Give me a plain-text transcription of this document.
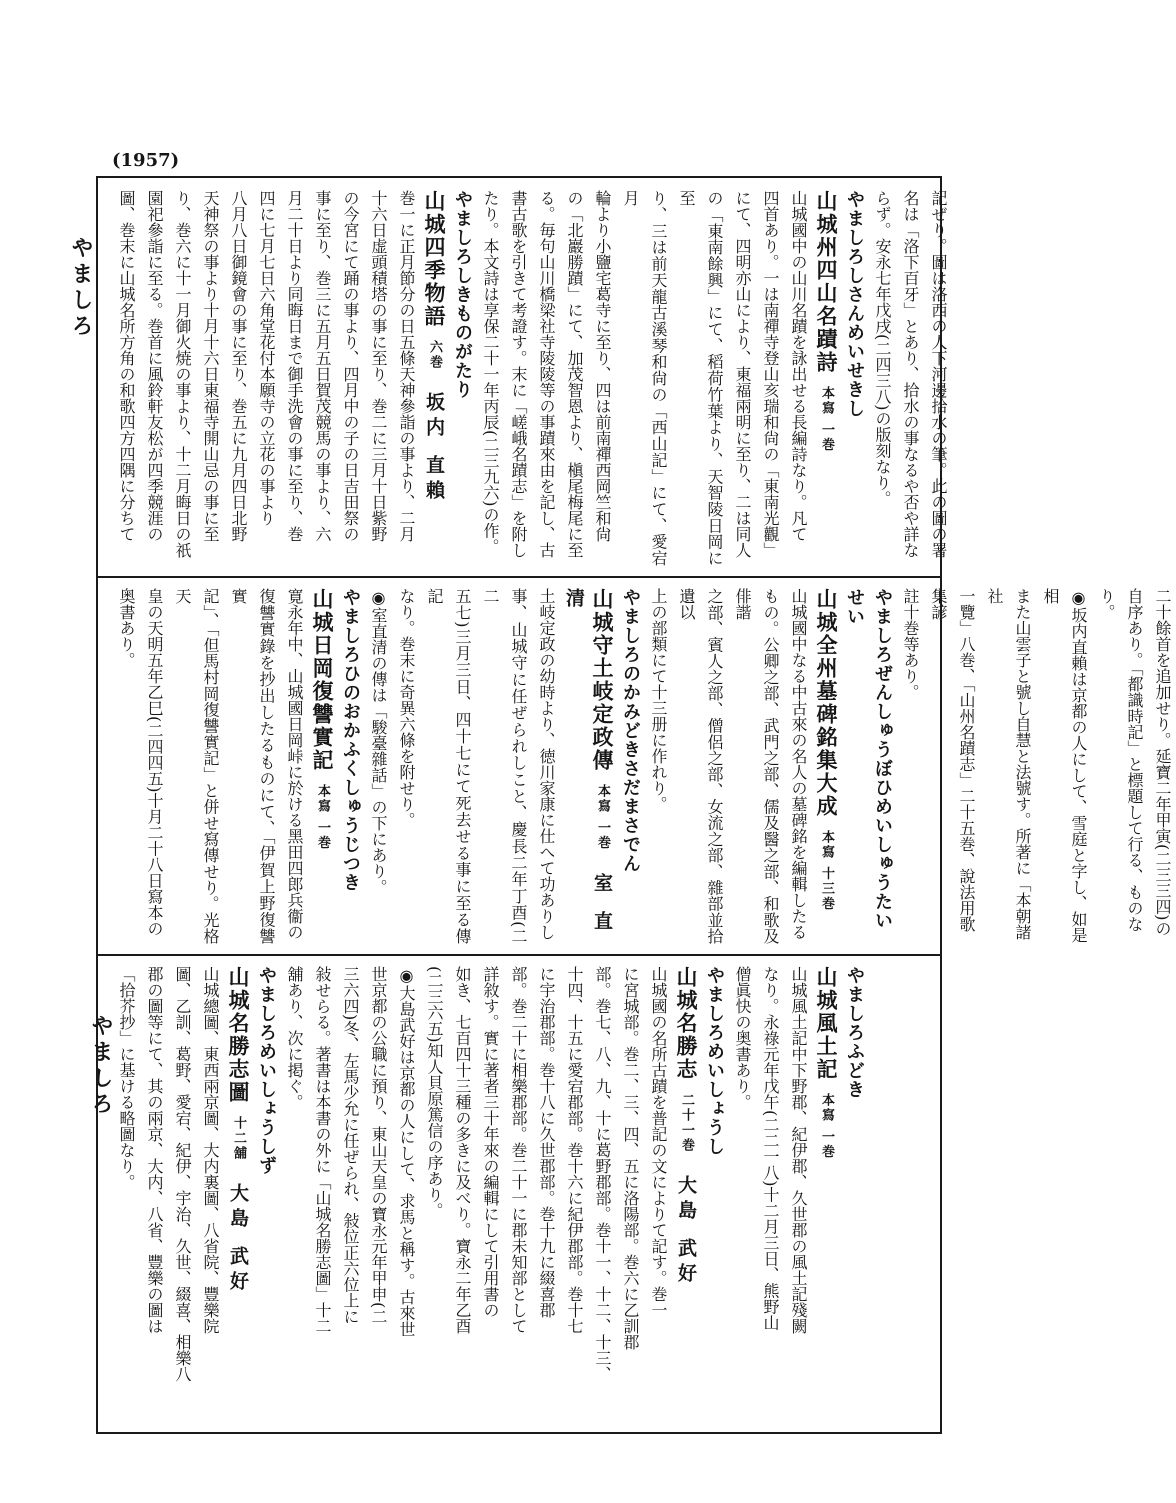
(1957)
やましろ
やましろ

記ぜり。圖は洛西の人下河邊拾水の筆。此の圖の署

名は「洛下百牙」とあり、拾水の事なるや否や詳な

らず。安永七年戊戌(二四三八)の版刻なり。

やましろしさんめいせきし

山城州四山名蹟詩本寫 一巻

山城國中の山川名蹟を詠出せる長編詩なり。凡て

四首あり。一は南禪寺登山亥瑞和尙の「東南光觀」

にて、四明亦山により、東福兩明に至り、二は同人

の「東南餘興」にて、稻荷竹葉より、天智陵日岡に至

り、三は前天龍古溪琴和尙の「西山記」にて、愛宕月

輪より小鹽宅葛寺に至り、四は前南禪西岡竺和尙

の「北巖勝蹟」にて、加茂智恩より、槇尾梅尾に至

る。毎句山川橋梁社寺陵陵等の事蹟來由を記し、古

書古歌を引きて考證す。末に「嵯峨名蹟志」を附し

たり。本文詩は享保二十一年丙辰(二三九六)の作。

やましろしきものがたり

山城四季物語六巻坂内 直賴

巻一に正月節分の日五條天神參詣の事より、二月

十六日虚頭積塔の事に至り、巻二に三月十日紫野

の今宮にて踊の事より、四月中の子の日吉田祭の

事に至り、巻三に五月五日賀茂競馬の事より、六

月二十日より同晦日まで御手洗會の事に至り、巻

四に七月七日六角堂花付本願寺の立花の事より

八月八日御鏡會の事に至り、巻五に九月四日北野

天神祭の事より十月十六日東福寺開山忌の事に至

り、巻六に十一月御火焼の事より、十二月晦日の祇

園祀參詣に至る。巻首に風鈴軒友松が四季競涯の

圖、巻末に山城名所方角の和歌四方四隅に分ちて

二十餘首を追加せり。延寶二年甲寅(二三三四)の

自序あり。「都識時記」と標題して行る、ものなり。

◉坂内直賴は京都の人にして、雪庭と字し、如是相

また山雲子と號し自慧と法號す。所著に「本朝諸社

一覽」八巻、「山州名蹟志」二十五巻、說法用歌集諺

註十巻等あり。

やましろぜんしゅうぼひめいしゅうたいせい

山城全州墓碑銘集大成本寫 十三巻

山城國中なる中古來の名人の墓碑銘を編輯したる

もの。公卿之部、武門之部、儒及醫之部、和歌及俳諧

之部、賓人之部、僧侶之部、女流之部、雜部並拾遺以

上の部類にて十三册に作れり。

やましろのかみどきさだまさでん

山城守土岐定政傳本寫 一巻室 直清

土岐定政の幼時より、徳川家康に仕へて功ありし

事、山城守に任ぜられしこと、慶長二年丁酉(二二

五七)三月三日、四十七にて死去せる事に至る傳記

なり。巻末に奇異六條を附せり。

◉室直清の傳は「駿臺雜話」の下にあり。

やましろひのおかふくしゅうじつき

山城日岡復讐實記本寫 一巻

寛永年中、山城國日岡峠に於ける黑田四郎兵衞の

復讐實錄を抄出したるものにて、「伊賀上野復讐實

記」、「但馬村岡復讐實記」と併せ寫傳せり。光格天

皇の天明五年乙巳(二四四五)十月二十八日寫本の

奥書あり。

やましろふどき

山城風土記本寫 一巻

山城風土記中下野郡、紀伊郡、久世郡の風土記殘闕

なり。永祿元年戊午(二二一八)十二月三日、熊野山

僧眞快の奥書あり。

やましろめいしょうし

山城名勝志二十一巻大島 武好

山城國の名所古蹟を普記の文によりて記す。巻一

に宮城部。巻二、三、四、五に洛陽部。巻六に乙訓郡

部。巻七、八、九、十に葛野郡部。巻十一、十二、十三、

十四、十五に愛宕郡部。巻十六に紀伊郡部。巻十七

に宇治郡部。巻十八に久世郡部。巻十九に綴喜郡

部。巻二十に相樂郡部。巻二十一に郡未知部として

詳敘す。實に著者三十年來の編輯にして引用書の

如き、七百四十三種の多きに及べり。寶永二年乙酉

(二三六五)知人貝原篤信の序あり。

◉大島武好は京都の人にして、求馬と稱す。古來世

世京都の公職に預り、東山天皇の寶永元年甲申(二

三六四)冬、左馬少允に任ぜられ、敍位正六位上に

敍せらる。著書は本書の外に「山城名勝志圖」十二

舖あり、次に掲ぐ。

やましろめいしょうしず

山城名勝志圖十二舖大島 武好

山城總圖、東西兩京圖、大内裏圖、八省院、豐樂院

圖、乙訓、葛野、愛宕、紀伊、宇治、久世、綴喜、相樂八

郡の圖等にて、其の兩京、大内、八省、豐樂の圖は

「拾芥抄」に基ける略圖なり。
